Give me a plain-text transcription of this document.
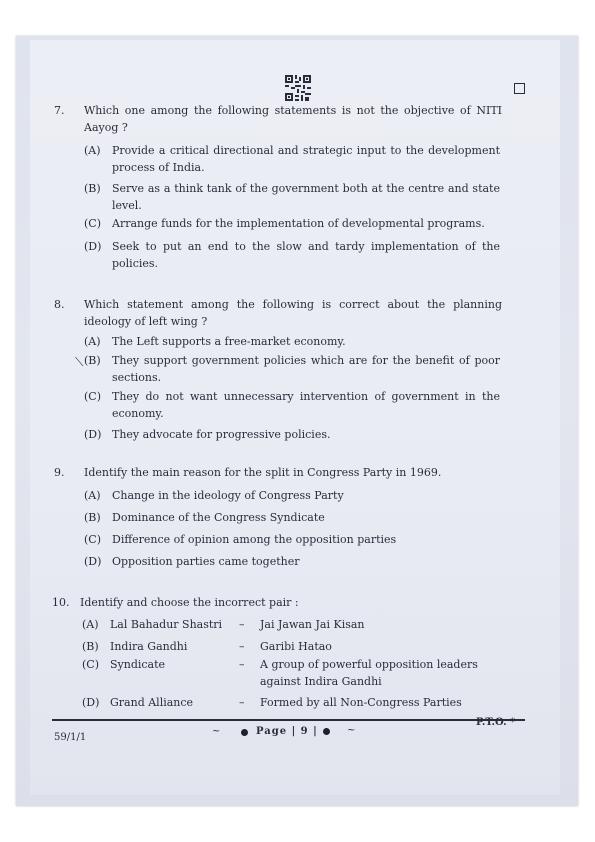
7.	Which one among the following statements is not the objective of NITI Aayog ?
(A) Provide a critical directional and strategic input to the development process of India.
(B) Serve as a think tank of the government both at the centre and state level.
(C) Arrange funds for the implementation of developmental programs.
(D) Seek to put an end to the slow and tardy implementation of the policies.
8.	Which statement among the following is correct about the planning ideology of left wing ?
(A) The Left supports a free-market economy.
(B) They support government policies which are for the benefit of poor sections.
(C) They do not want unnecessary intervention of government in the economy.
(D) They advocate for progressive policies.
⟍
9.	Identify the main reason for the split in Congress Party in 1969.
(A) Change in the ideology of Congress Party
(B) Dominance of the Congress Syndicate
(C) Difference of opinion among the opposition parties
(D) Opposition parties came together
10. Identify and choose the incorrect pair :
(A) Lal Bahadur Shastri – Jai Jawan Jai Kisan
(B) Indira Gandhi	– Garibi Hatao
(C) Syndicate	– A group of powerful opposition leaders against Indira Gandhi
(D) Grand Alliance	– Formed by all Non-Congress Parties
59/1/1
~	Page | 9 |	~
P.T.O. *
